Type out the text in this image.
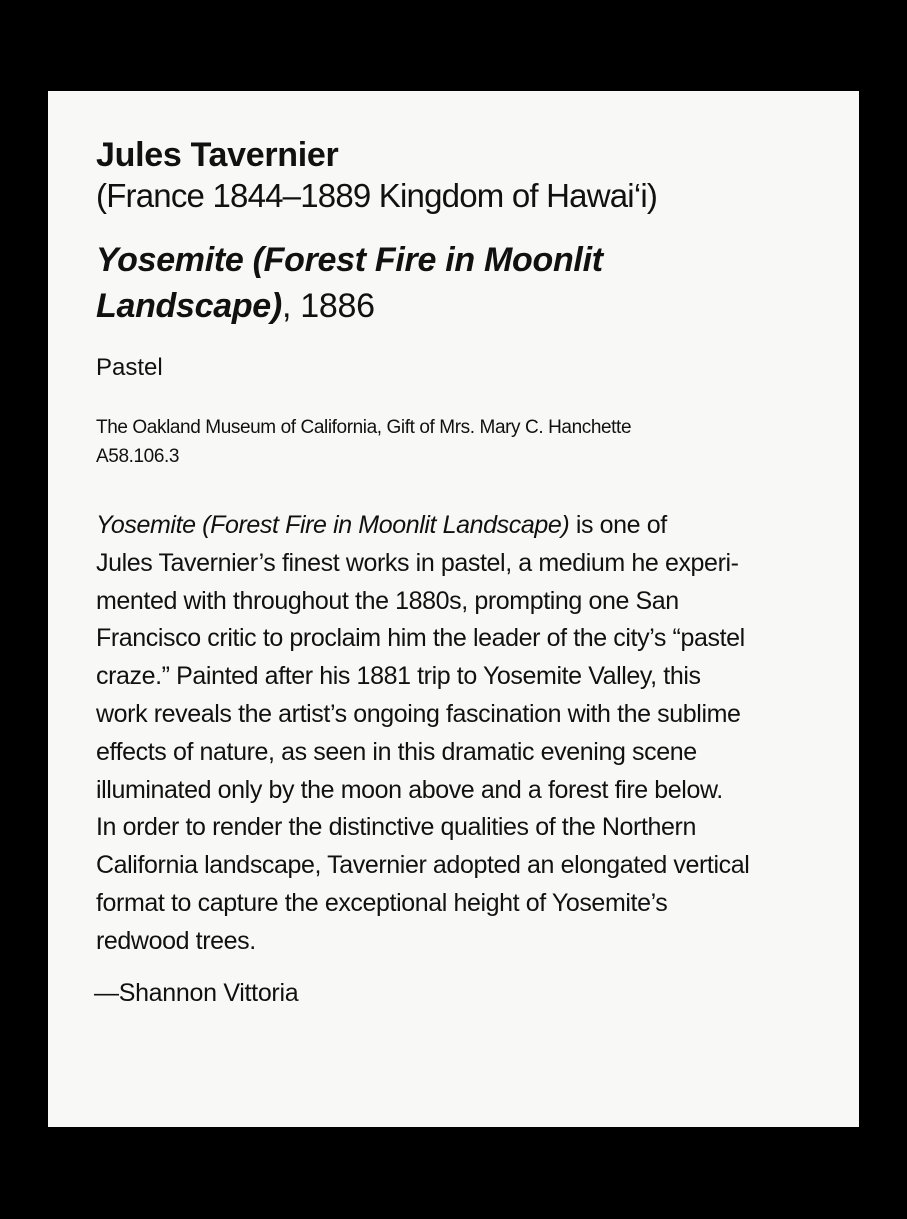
Jules Tavernier

(France 1844–1889 Kingdom of Hawai‘i)

Yosemite (Forest Fire in Moonlit
Landscape), 1886

Pastel

The Oakland Museum of California, Gift of Mrs. Mary C. Hanchette
A58.106.3

Yosemite (Forest Fire in Moonlit Landscape) is one of
Jules Tavernier’s finest works in pastel, a medium he experi-
mented with throughout the 1880s, prompting one San
Francisco critic to proclaim him the leader of the city’s “pastel
craze.” Painted after his 1881 trip to Yosemite Valley, this
work reveals the artist’s ongoing fascination with the sublime
effects of nature, as seen in this dramatic evening scene
illuminated only by the moon above and a forest fire below.
In order to render the distinctive qualities of the Northern
California landscape, Tavernier adopted an elongated vertical
format to capture the exceptional height of Yosemite’s
redwood trees.

—Shannon Vittoria
